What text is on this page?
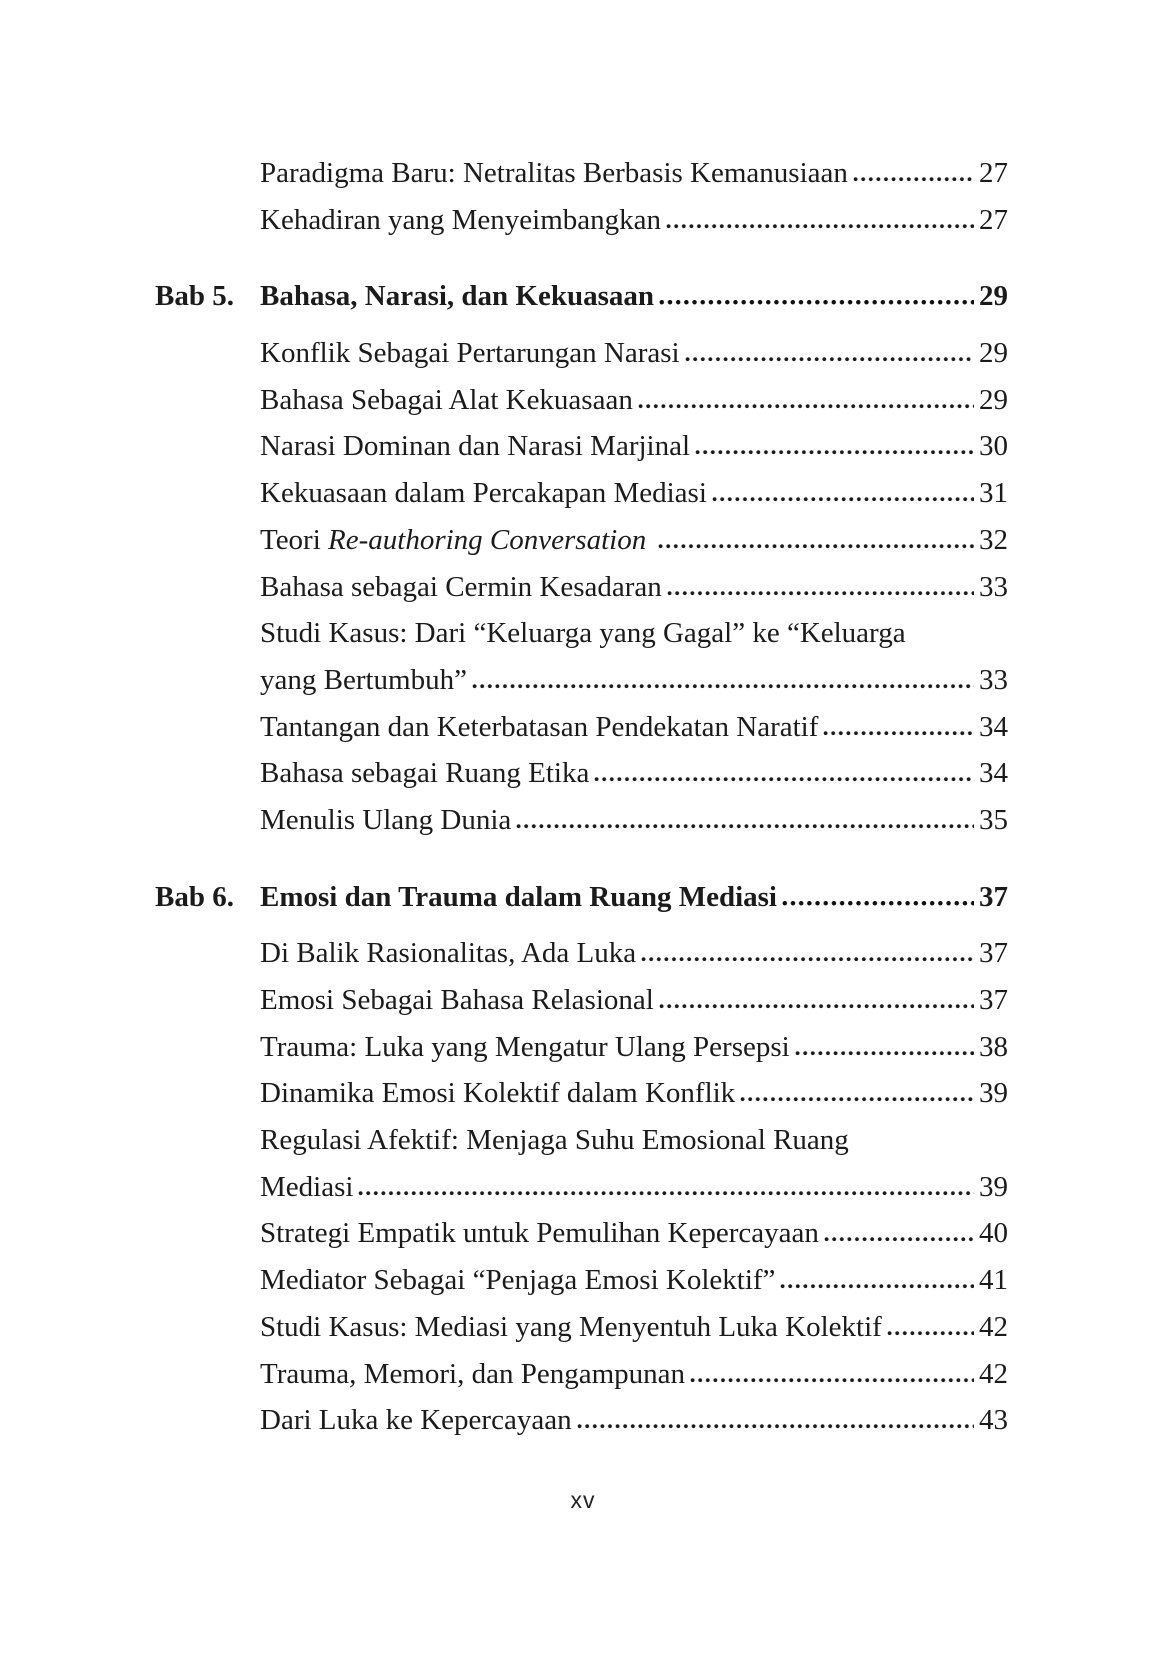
Paradigma Baru: Netralitas Berbasis Kemanusiaan	27
Kehadiran yang Menyeimbangkan	27
Bab 5. Bahasa, Narasi, dan Kekuasaan	29
Konflik Sebagai Pertarungan Narasi	29
Bahasa Sebagai Alat Kekuasaan	29
Narasi Dominan dan Narasi Marjinal	30
Kekuasaan dalam Percakapan Mediasi	31
Teori Re-authoring Conversation	32
Bahasa sebagai Cermin Kesadaran	33
Studi Kasus: Dari “Keluarga yang Gagal” ke “Keluarga
yang Bertumbuh”	33
Tantangan dan Keterbatasan Pendekatan Naratif	34
Bahasa sebagai Ruang Etika	34
Menulis Ulang Dunia	35
Bab 6. Emosi dan Trauma dalam Ruang Mediasi	37
Di Balik Rasionalitas, Ada Luka	37
Emosi Sebagai Bahasa Relasional	37
Trauma: Luka yang Mengatur Ulang Persepsi	38
Dinamika Emosi Kolektif dalam Konflik	39
Regulasi Afektif: Menjaga Suhu Emosional Ruang
Mediasi	39
Strategi Empatik untuk Pemulihan Kepercayaan	40
Mediator Sebagai “Penjaga Emosi Kolektif”	41
Studi Kasus: Mediasi yang Menyentuh Luka Kolektif	42
Trauma, Memori, dan Pengampunan	42
Dari Luka ke Kepercayaan	43
xv
